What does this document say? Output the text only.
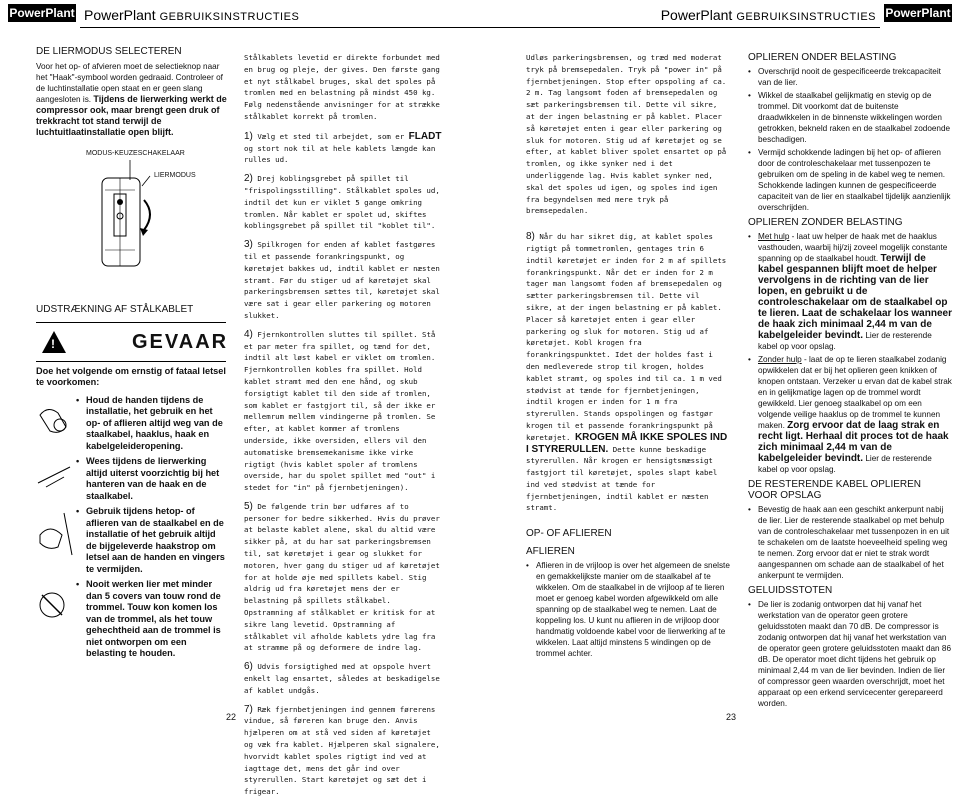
PowerPlant PowerPlant GEBRUIKSINSTRUCTIES	PowerPlant GEBRUIKSINSTRUCTIES PowerPlant
DE LIERMODUS SELECTEREN

Voor het op- of afvieren moet de selectieknop naar het "Haak"-symbool worden gedraaid. Controleer of de luchtinstallatie open staat en er geen slang aangesloten is. Tijdens de lierwerking werkt de compressor ook, maar brengt geen druk of trekkracht tot stand terwijl de luchtuitlaatinstallatie open blijft.

MODUS-KEUZESCHAKELAAR
LIERMODUS
UDSTRÆKNING AF STÅLKABLET
!	GEVAAR
Doe het volgende om ernstig of fataal letsel te voorkomen:
• Houd de handen tijdens de installatie, het gebruik en het op- of aflieren altijd weg van de staalkabel, haaklus, haak en kabelgeleideropening.
• Wees tijdens de lierwerking altijd uiterst voorzichtig bij het hanteren van de haak en de staalkabel.
• Gebruik tijdens hetop- of aflieren van de staalkabel en de installatie of het gebruik altijd de bijgeleverde haakstrop om letsel aan de handen en vingers te vermijden.
• Nooit werken lier met minder dan 5 covers van touw rond de trommel. Touw kon komen los van de trommel, als het touw gehechtheid aan de trommel is niet ontworpen om een belasting te houden.

Stålkablets levetid er direkte forbundet med en brug og pleje, der gives. Den første gang et nyt stålkabel bruges, skal det spoles på tromlen med en belastning på mindst 450 kg. Følg nedenstående anvisninger for at strække stålkablet korrekt på tromlen.

1) Vælg et sted til arbejdet, som er FLADT og stort nok til at hele kablets længde kan rulles ud.

2) Drej koblingsgrebet på spillet til "frispolingsstilling". Stålkablet spoles ud, indtil det kun er viklet 5 gange omkring tromlen. Når kablet er spolet ud, skiftes koblingsgrebet på spillet til "koblet til".

3) Spilkrogen for enden af kablet fastgøres til et passende forankringspunkt, og køretøjet bakkes ud, indtil kablet er næsten stramt. Før du stiger ud af køretøjet skal parkeringsbremsen sættes til, køretøjet skal være sat i gear eller parkering og motoren slukket.

4) Fjernkontrollen sluttes til spillet. Stå et par meter fra spillet, og tænd for det, indtil alt løst kabel er viklet om tromlen. Fjernkontrollen kobles fra spillet. Hold kablet stramt med den ene hånd, og skub forsigtigt kablet til den side af tromlen, som kablet er fastgjort til, så der ikke er mellemrum mellem vindingerne på tromlen. Se efter, at kablet kommer af tromlens underside, ikke oversiden, ellers vil den automatiske bremsemekanisme ikke virke rigtigt (hvis kablet spoler af tromlens overside, har du spolet spillet med "out" i stedet for "in" på fjernbetjeningen).

5) De følgende trin bør udføres af to personer for bedre sikkerhed. Hvis du prøver at belaste kablet alene, skal du altid være sikker på, at du har sat parkeringsbremsen til, sat køretøjet i gear og slukket for motoren, hver gang du stiger ud af køretøjet for at holde øje med spillets kabel. Stig aldrig ud fra køretøjet mens der er belastning på spillets stålkabel. Opstramning af stålkablet er kritisk for at sikre lang levetid. Opstramning af stålkablet vil afholde kablets ydre lag fra at stramme på og deformere de indre lag.

6) Udvis forsigtighed med at opspole hvert enkelt lag ensartet, således at beskadigelse af kablet undgås.

7) Ræk fjernbetjeningen ind gennem førerens vindue, så føreren kan bruge den. Anvis hjælperen om at stå ved siden af køretøjet og væk fra kablet. Hjælperen skal signalere, hvorvidt kablet spoles rigtigt ind ved at iagttage det, mens det går ind over styrerullen. Start køretøjet og sæt det i frigear.

Udløs parkeringsbremsen, og træd med moderat tryk på bremsepedalen. Tryk på "power in" på fjernbetjeningen. Stop efter opspoling af ca. 2 m. Tag langsomt foden af bremsepedalen og sæt parkeringsbremsen til. Dette vil sikre, at der ingen belastning er på kablet. Placer så køretøjet enten i gear eller parkering og sluk for motoren. Stig ud af køretøjet og se efter, at kablet bliver spolet ensartet op på tromlen, og ikke synker ned i det underliggende lag. Hvis kablet synker ned, skal det spoles ud igen, og spoles ind igen fra begyndelsen med mere tryk på bremsepedalen.

8) Når du har sikret dig, at kablet spoles rigtigt på tommetromlen, gentages trin 6 indtil køretøjet er inden for 2 m af spillets forankringspunkt. Når det er inden for 2 m tager man langsomt foden af bremsepedalen og sætter parkeringsbremsen til. Dette vil sikre, at der ingen belastning er på kablet. Placer så køretøjet enten i gear eller parkering og sluk for motoren. Stig ud af køretøjet. Kobl krogen fra forankringspunktet. Idet der holdes fast i den medleverede strop til krogen, holdes kablet stramt, og spoles ind til ca. 1 m ved stødvist at tænde for fjernbetjeningen, indtil krogen er inden for 1 m fra styrerullen. Stands opspolingen og fastgør krogen til et passende forankringspunkt på køretøjet. KROGEN MÅ IKKE SPOLES IND I STYRERULLEN. Dette kunne beskadige styrerullen. Når krogen er hensigtsmæssigt fastgjort til køretøjet, spoles slapt kabel ind ved stødvist at tænde for fjernbetjeningen, indtil kablet er næsten stramt.

OP- OF AFLIEREN
AFLIEREN
• Aflieren in de vrijloop is over het algemeen de snelste en gemakkelijkste manier om de staalkabel af te wikkelen. Om de staalkabel in de vrijloop af te lieren moet er genoeg kabel worden afgewikkeld om alle spanning op de staalkabel weg te nemen. Laat de koppeling los. U kunt nu aflieren in de vrijloop door handmatig voldoende kabel voor de lierwerking af te wikkelen. Laat altijd minstens 5 windingen op de trommel achter.
OPLIEREN ONDER BELASTING
• Overschrijd nooit de gespecificeerde trekcapaciteit van de lier.
• Wikkel de staalkabel gelijkmatig en stevig op de trommel. Dit voorkomt dat de buitenste draadwikkelen in de binnenste wikkelingen worden getrokken, bekneld raken en de staalkabel zodoende beschadigen.
• Vermijd schokkende ladingen bij het op- of aflieren door de controleschakelaar met tussenpozen te gebruiken om de speling in de kabel weg te nemen. Schokkende ladingen kunnen de gespecificeerde capaciteit van de lier en staalkabel tijdelijk aanzienlijk overschrijden.
OPLIEREN ZONDER BELASTING
• Met hulp - laat uw helper de haak met de haaklus vasthouden, waarbij hij/zij zoveel mogelijk constante spanning op de staalkabel houdt. Terwijl de kabel gespannen blijft moet de helper vervolgens in de richting van de lier lopen, en gebruikt u de controleschakelaar om de staalkabel op te lieren. Laat de schakelaar los wanneer de haak zich minimaal 2,44 m van de kabelgeleider bevindt. Lier de resterende kabel op voor opslag.
• Zonder hulp - laat de op te lieren staalkabel zodanig opwikkelen dat er bij het oplieren geen knikken of knopen ontstaan. Verzeker u ervan dat de kabel strak en in gelijkmatige lagen op de trommel wordt gewikkeld. Lier genoeg staalkabel op om een volgende veilige haaklus op de trommel te kunnen maken. Zorg ervoor dat de laag strak en recht ligt. Herhaal dit proces tot de haak zich minimaal 2,44 m van de kabelgeleider bevindt. Lier de resterende kabel op voor opslag.
DE RESTERENDE KABEL OPLIEREN VOOR OPSLAG
• Bevestig de haak aan een geschikt ankerpunt nabij de lier. Lier de resterende staalkabel op met behulp van de controleschakelaar met tussenpozen in en uit te schakelen om de laatste hoeveelheid speling weg te nemen. Zorg ervoor dat er niet te strak wordt aangespannen om schade aan de staalkabel of het ankerpunt te vermijden.
GELUIDSSTOTEN
• De lier is zodanig ontworpen dat hij vanaf het werkstation van de operator geen grotere geluidsstoten maakt dan 70 dB. De compressor is zodanig ontworpen dat hij vanaf het werkstation van de operator geen grotere geluidsstoten maakt dan 86 dB. De operator moet dicht tijdens het gebruik op minimaal 2,44 m van de lier bevinden. Indien de lier of compressor geen waarden overschrijdt, moet het apparaat op een erkend servicecenter gerepareerd worden.
22	23
